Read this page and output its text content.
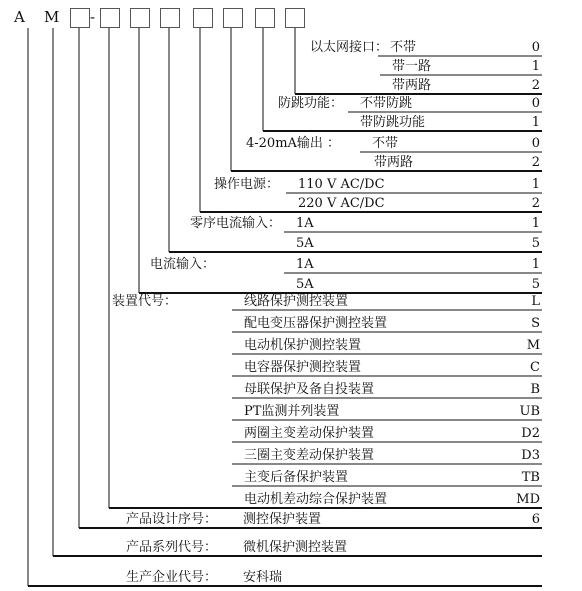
A M -
以太网接口： 不带	0
带一路	1
带两路	2
防跳功能： 不带防跳	0
带防跳功能	1
4-20mA输出 ： 不带	0
带两路	2
操作电源： 110 V AC/DC	1
220 V AC/DC	2
零序电流输入： 1A	1
5A	5
电流输入：	1A	1
5A	5
装置代号：	线路保护测控装置	L
配电变压器保护测控装置	S
电动机保护测控装置	M
电容器保护测控装置	C
母联保护及备自投装置	B
PT监测并列装置	UB
两圈主变差动保护装置	D2
三圈主变差动保护装置	D3
主变后备保护装置	TB
电动机差动综合保护装置	MD
产品设计序号： 测控保护装置	6
产品系列代号： 微机保护测控装置
生产企业代号： 安科瑞
